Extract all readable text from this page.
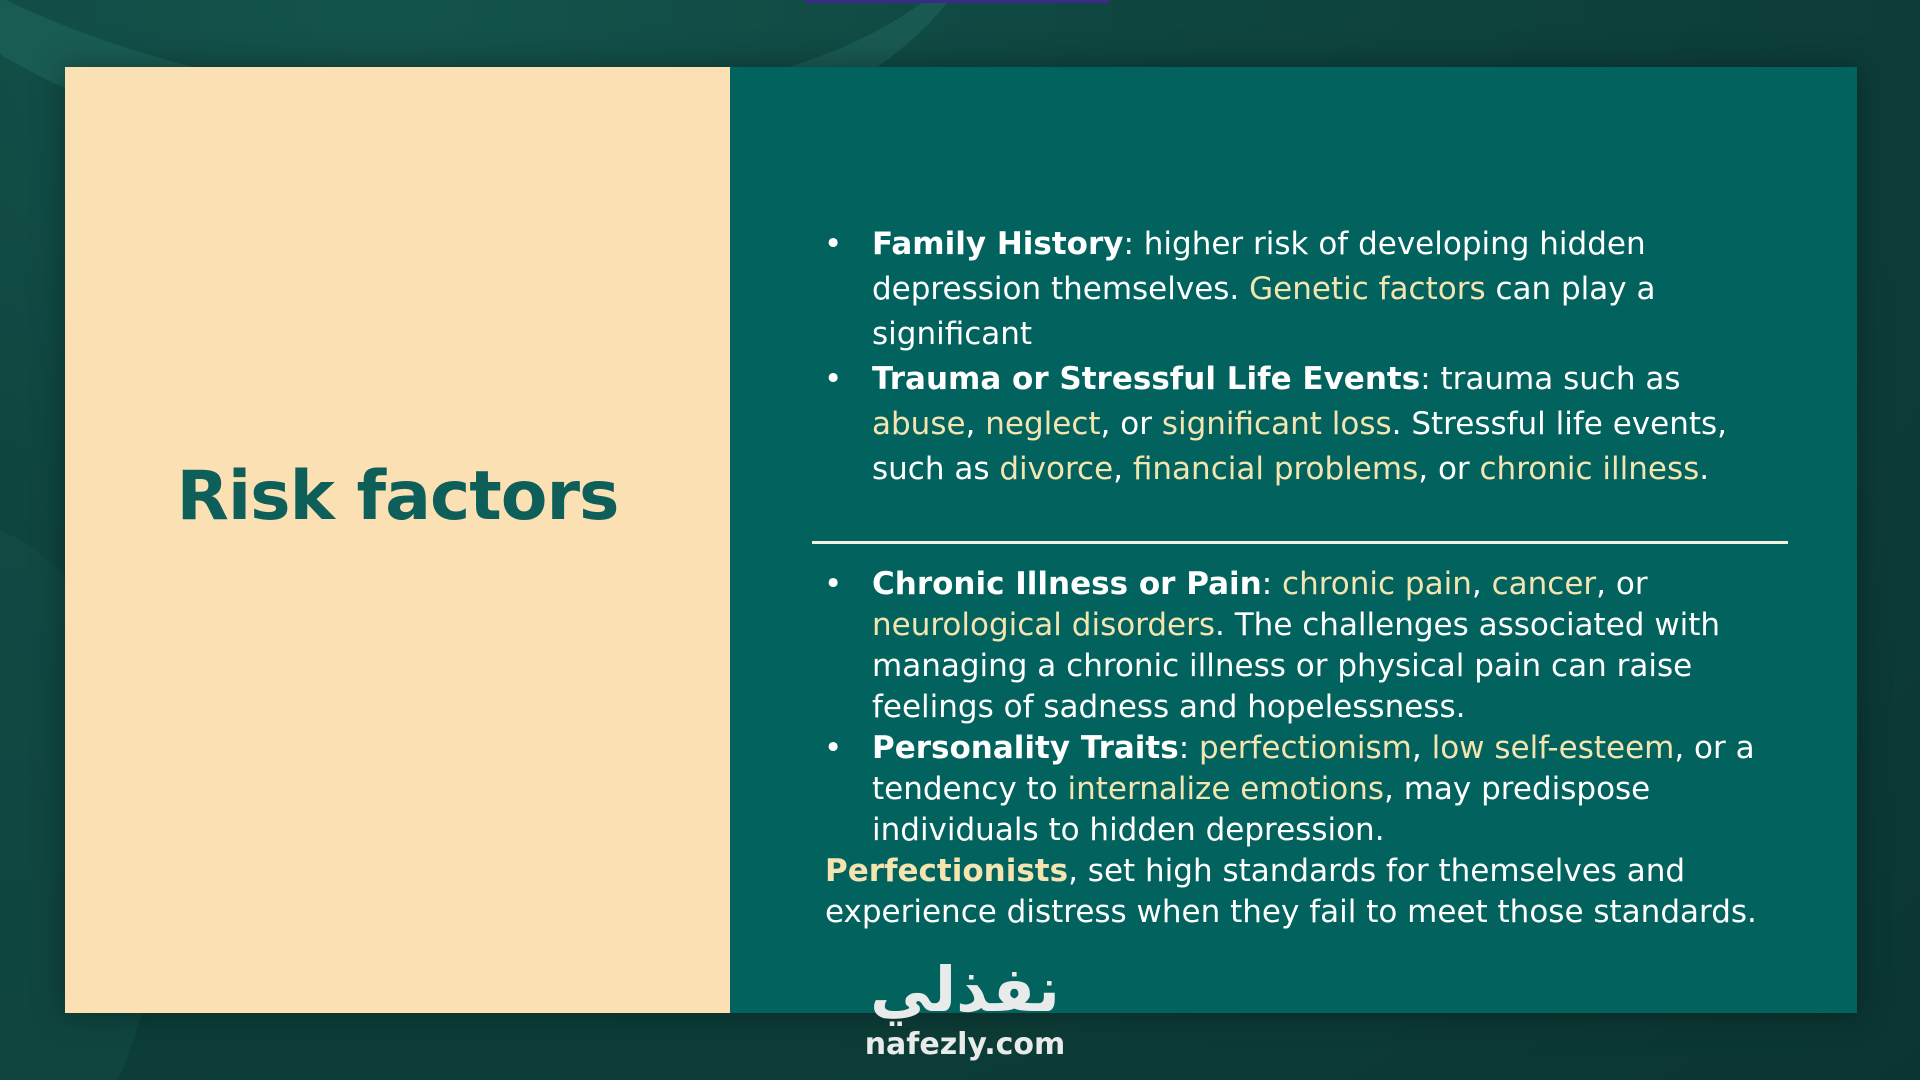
Risk factors
• Family History: higher risk of developing hidden depression themselves. Genetic factors can play a significant
• Trauma or Stressful Life Events: trauma such as abuse, neglect, or significant loss. Stressful life events, such as divorce, financial problems, or chronic illness.
• Chronic Illness or Pain: chronic pain, cancer, or neurological disorders. The challenges associated with managing a chronic illness or physical pain can raise feelings of sadness and hopelessness.
• Personality Traits: perfectionism, low self-esteem, or a tendency to internalize emotions, may predispose individuals to hidden depression.
Perfectionists, set high standards for themselves and experience distress when they fail to meet those standards.
نفذلي
nafezly.com
